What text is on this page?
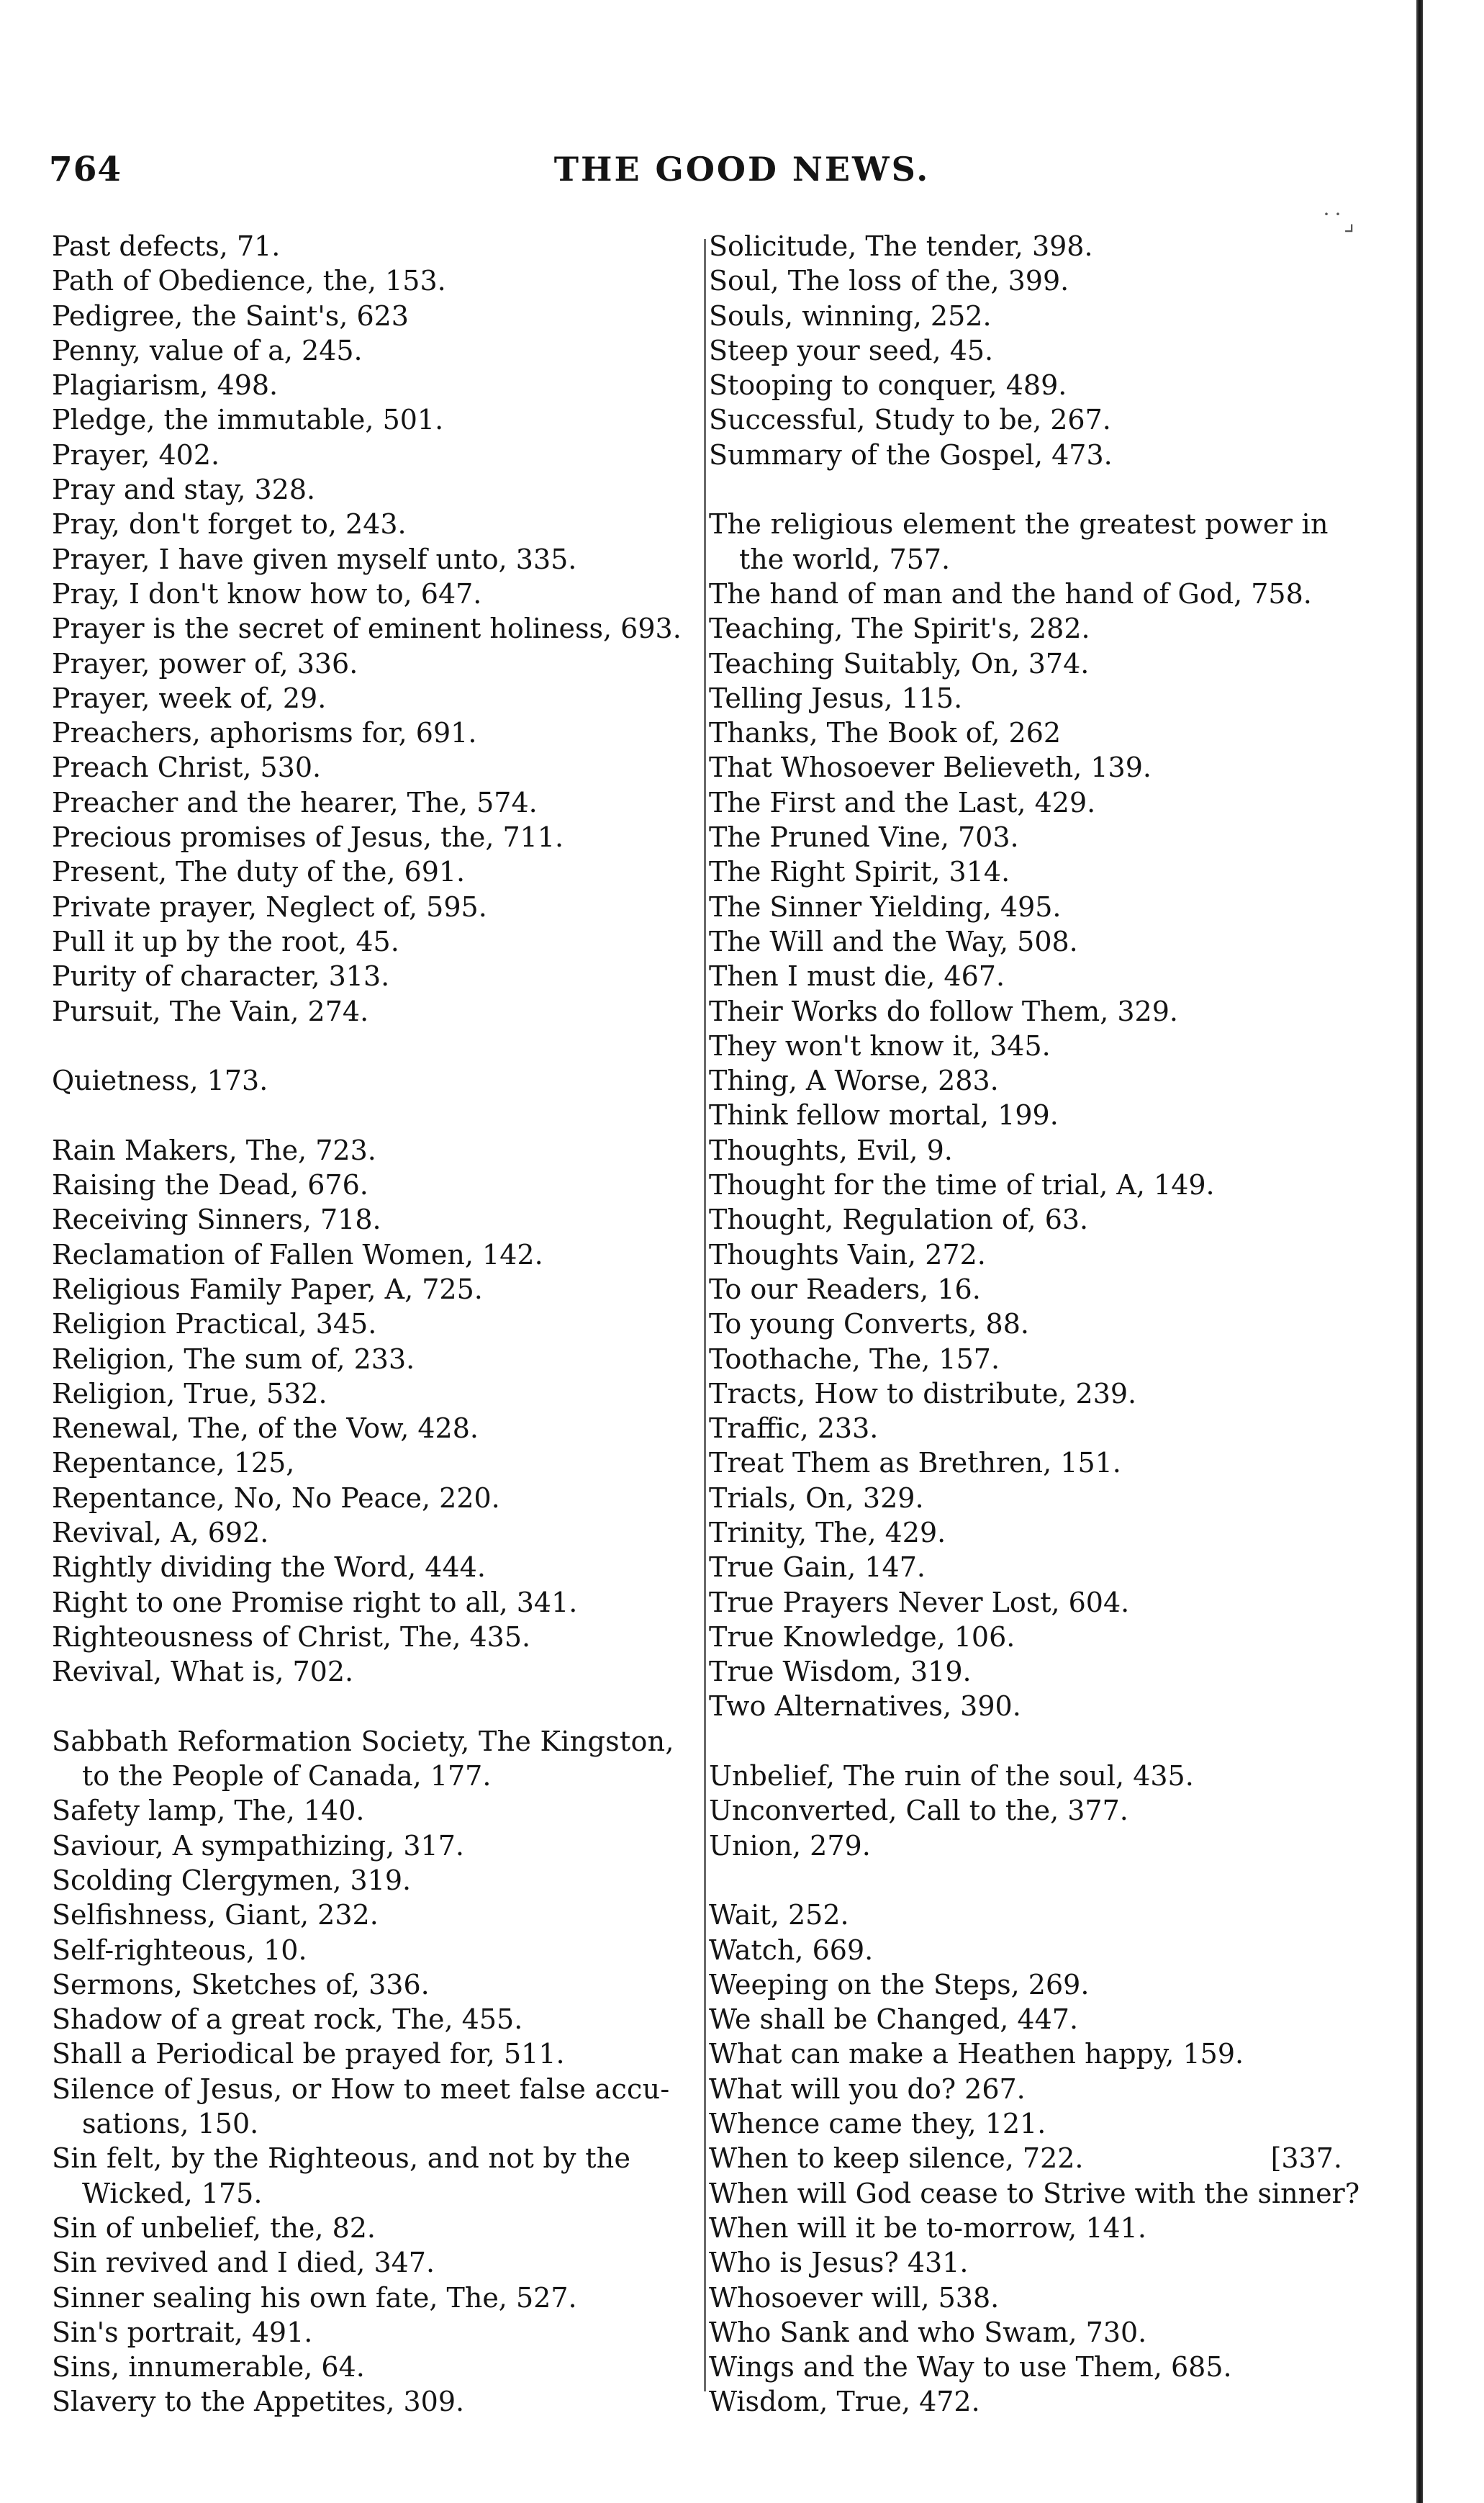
764	THE GOOD NEWS.
˙˙⌟
Past defects, 71.
Path of Obedience, the, 153.
Pedigree, the Saint's, 623
Penny, value of a, 245.
Plagiarism, 498.
Pledge, the immutable, 501.
Prayer, 402.
Pray and stay, 328.
Pray, don't forget to, 243.
Prayer, I have given myself unto, 335.
Pray, I don't know how to, 647.
Prayer is the secret of eminent holiness, 693.
Prayer, power of, 336.
Prayer, week of, 29.
Preachers, aphorisms for, 691.
Preach Christ, 530.
Preacher and the hearer, The, 574.
Precious promises of Jesus, the, 711.
Present, The duty of the, 691.
Private prayer, Neglect of, 595.
Pull it up by the root, 45.
Purity of character, 313.
Pursuit, The Vain, 274.
Quietness, 173.
Rain Makers, The, 723.
Raising the Dead, 676.
Receiving Sinners, 718.
Reclamation of Fallen Women, 142.
Religious Family Paper, A, 725.
Religion Practical, 345.
Religion, The sum of, 233.
Religion, True, 532.
Renewal, The, of the Vow, 428.
Repentance, 125,
Repentance, No, No Peace, 220.
Revival, A, 692.
Rightly dividing the Word, 444.
Right to one Promise right to all, 341.
Righteousness of Christ, The, 435.
Revival, What is, 702.
Sabbath Reformation Society, The Kingston,
to the People of Canada, 177.
Safety lamp, The, 140.
Saviour, A sympathizing, 317.
Scolding Clergymen, 319.
Selfishness, Giant, 232.
Self-righteous, 10.
Sermons, Sketches of, 336.
Shadow of a great rock, The, 455.
Shall a Periodical be prayed for, 511.
Silence of Jesus, or How to meet false accu-
sations, 150.
Sin felt, by the Righteous, and not by the
Wicked, 175.
Sin of unbelief, the, 82.
Sin revived and I died, 347.
Sinner sealing his own fate, The, 527.
Sin's portrait, 491.
Sins, innumerable, 64.
Slavery to the Appetites, 309.
Solicitude, The tender, 398.
Soul, The loss of the, 399.
Souls, winning, 252.
Steep your seed, 45.
Stooping to conquer, 489.
Successful, Study to be, 267.
Summary of the Gospel, 473.
The religious element the greatest power in
the world, 757.
The hand of man and the hand of God, 758.
Teaching, The Spirit's, 282.
Teaching Suitably, On, 374.
Telling Jesus, 115.
Thanks, The Book of, 262
That Whosoever Believeth, 139.
The First and the Last, 429.
The Pruned Vine, 703.
The Right Spirit, 314.
The Sinner Yielding, 495.
The Will and the Way, 508.
Then I must die, 467.
Their Works do follow Them, 329.
They won't know it, 345.
Thing, A Worse, 283.
Think fellow mortal, 199.
Thoughts, Evil, 9.
Thought for the time of trial, A, 149.
Thought, Regulation of, 63.
Thoughts Vain, 272.
To our Readers, 16.
To young Converts, 88.
Toothache, The, 157.
Tracts, How to distribute, 239.
Traffic, 233.
Treat Them as Brethren, 151.
Trials, On, 329.
Trinity, The, 429.
True Gain, 147.
True Prayers Never Lost, 604.
True Knowledge, 106.
True Wisdom, 319.
Two Alternatives, 390.
Unbelief, The ruin of the soul, 435.
Unconverted, Call to the, 377.
Union, 279.
Wait, 252.
Watch, 669.
Weeping on the Steps, 269.
We shall be Changed, 447.
What can make a Heathen happy, 159.
What will you do? 267.
Whence came they, 121.
When to keep silence, 722.	[337.
When will God cease to Strive with the sinner?
When will it be to-morrow, 141.
Who is Jesus? 431.
Whosoever will, 538.
Who Sank and who Swam, 730.
Wings and the Way to use Them, 685.
Wisdom, True, 472.
